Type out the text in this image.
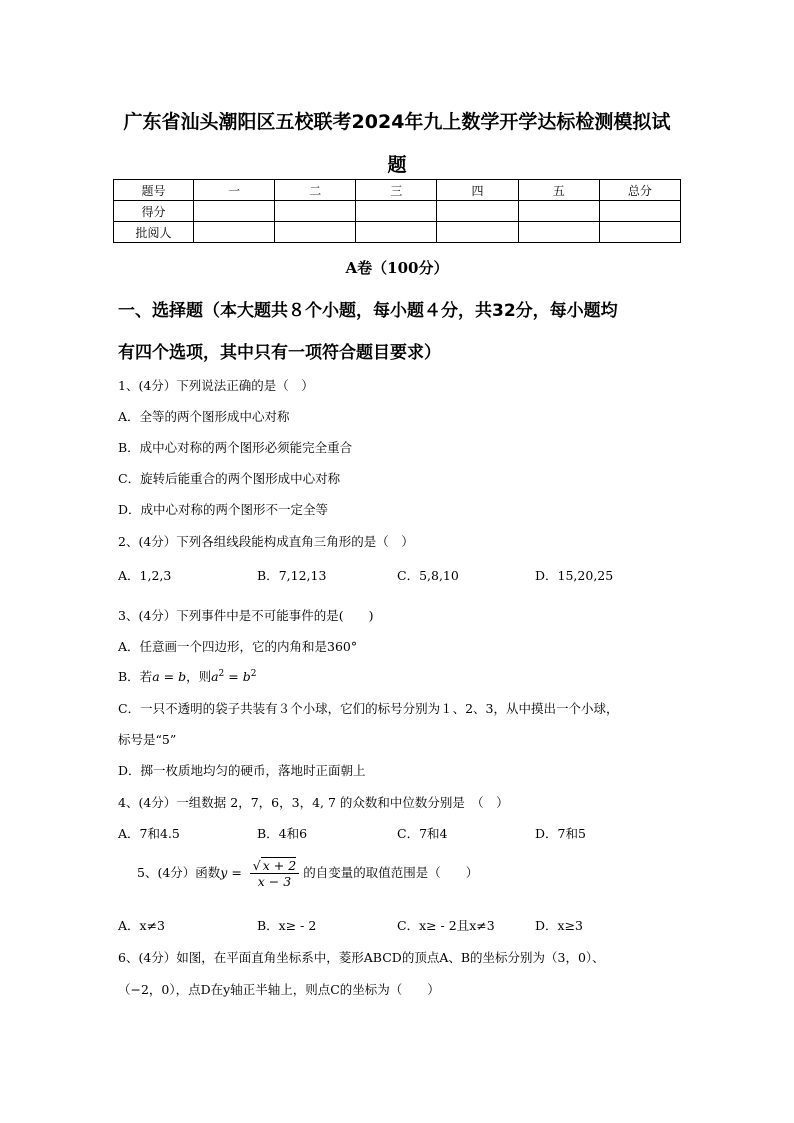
广东省汕头潮阳区五校联考2024年九上数学开学达标检测模拟试
题
题号	一	二	三	四	五	总分
得分						
批阅人						
A卷（100分）
一、选择题（本大题共８个小题，每小题４分，共32分，每小题均
有四个选项，其中只有一项符合题目要求）
1、(4分）下列说法正确的是（　）
A．全等的两个图形成中心对称
B．成中心对称的两个图形必须能完全重合
C．旋转后能重合的两个图形成中心对称
D．成中心对称的两个图形不一定全等
2、(4分）下列各组线段能构成直角三角形的是（　）
A．1,2,3	B．7,12,13	C．5,8,10	D．15,20,25
3、(4分）下列事件中是不可能事件的是(　　)
A．任意画一个四边形，它的内角和是360°
B．若a = b，则$a^2 = b^2$
C．一只不透明的袋子共装有３个小球，它们的标号分别为１、2、3，从中摸出一个小球，
标号是“5”
D．掷一枚质地均匀的硬币，落地时正面朝上
4、(4分）一组数据 2，7，6，3，4, 7 的众数和中位数分别是　（　）
A．7和4.5	B．4和6	C．7和4	D．7和5
5、(4分）函数$y = \frac{√ x + 2}{x - 3}$ 的自变量的取值范围是（　　）
A．x≠3	B．x≥ - 2	C．x≥ - 2且x≠3	D．x≥3
6、(4分）如图，在平面直角坐标系中，菱形ABCD的顶点A、B的坐标分别为（3，0）、
（−2，0），点D在y轴正半轴上，则点C的坐标为（　　）
